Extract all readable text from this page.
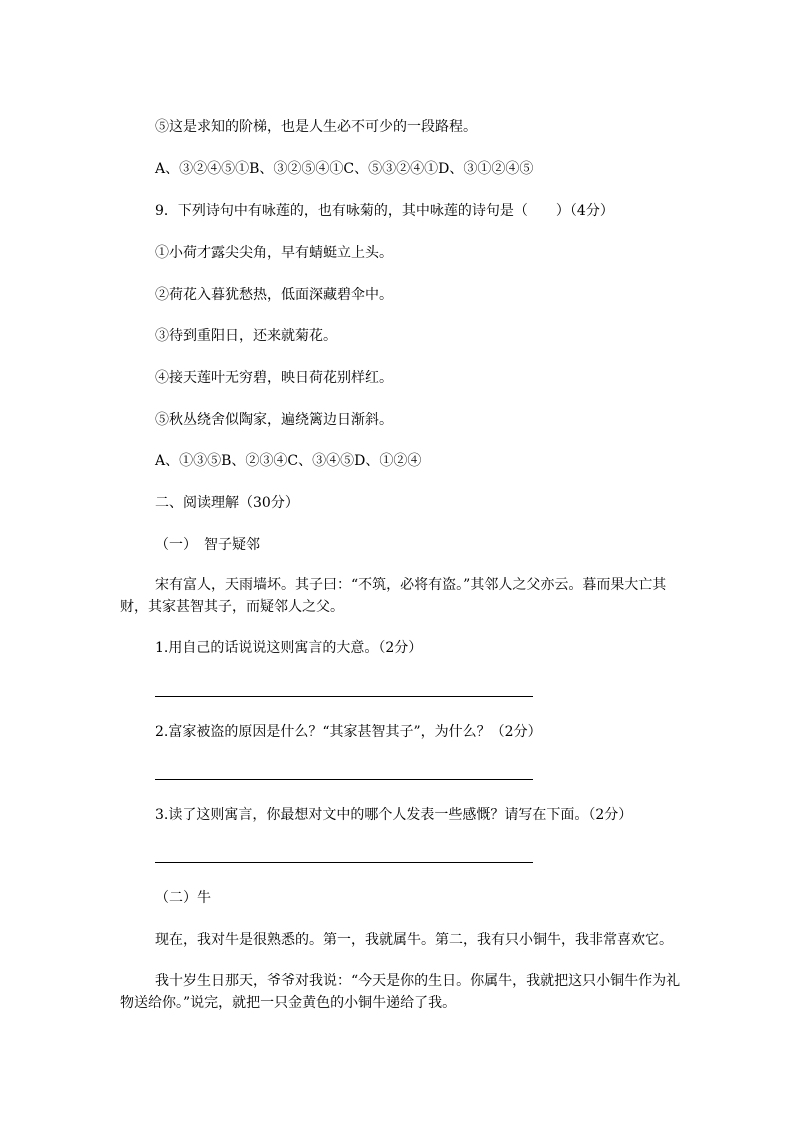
⑤这是求知的阶梯，也是人生必不可少的一段路程。
A、③②④⑤①B、③②⑤④①C、⑤③②④①D、③①②④⑤
9．下列诗句中有咏莲的，也有咏菊的，其中咏莲的诗句是（　　）（4分）
①小荷才露尖尖角，早有蜻蜓立上头。
②荷花入暮犹愁热，低面深藏碧伞中。
③待到重阳日，还来就菊花。
④接天莲叶无穷碧，映日荷花别样红。
⑤秋丛绕舍似陶家，遍绕篱边日渐斜。
A、①③⑤B、②③④C、③④⑤D、①②④
二、阅读理解（30分）
（一）　智子疑邻
宋有富人，天雨墙坏。其子曰：“不筑，必将有盗。”其邻人之父亦云。暮而果大亡其
财，其家甚智其子，而疑邻人之父。
1.用自己的话说说这则寓言的大意。（2分）
2.富家被盗的原因是什么？“其家甚智其子”，为什么？（2分）
3.读了这则寓言，你最想对文中的哪个人发表一些感慨？请写在下面。（2分）
（二）牛
现在，我对牛是很熟悉的。第一，我就属牛。第二，我有只小铜牛，我非常喜欢它。
我十岁生日那天，爷爷对我说：“今天是你的生日。你属牛，我就把这只小铜牛作为礼
物送给你。”说完，就把一只金黄色的小铜牛递给了我。
